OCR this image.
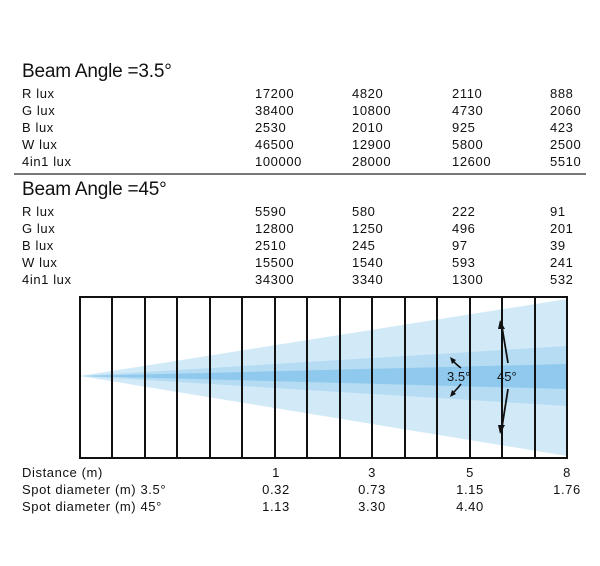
Beam Angle =3.5°
R lux	17200	4820	2110	888
G lux	38400	10800	4730	2060
B lux	2530	2010	925	423
W lux	46500	12900	5800	2500
4in1 lux	100000	28000	12600	5510
Beam Angle =45°
R lux	5590	580	222	91
G lux	12800	1250	496	201
B lux	2510	245	97	39
W lux	15500	1540	593	241
4in1 lux	34300	3340	1300	532
3.5° 45°
Distance (m)	1	3	5	8
Spot diameter (m) 3.5°	0.32	0.73	1.15	1.76
Spot diameter (m) 45°	1.13	3.30	4.40
